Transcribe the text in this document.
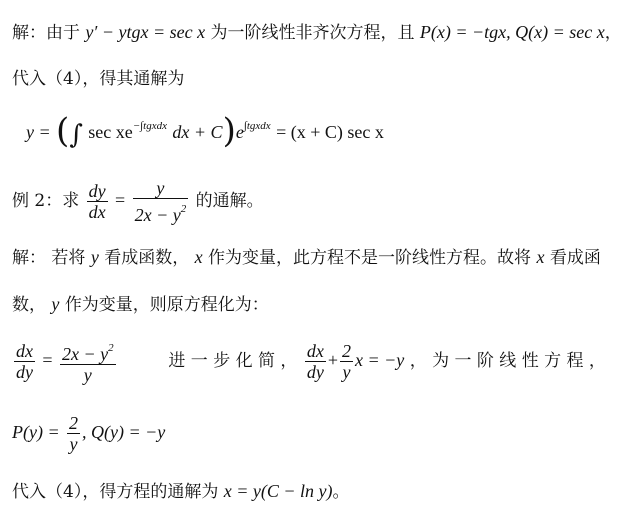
解：由于 y′ − ytgx = sec x 为一阶线性非齐次方程，且 P(x) = −tgx, Q(x) = sec x，
代入（4），得其通解为
y = (∫ $\sec xe^{-\int tgxdx}$ dx + $C)e^{\int tgxdx} = (x + C)$ sec x
例 2：求 $\frac{dy}{dx} = \frac{y}{2x - y^2}$ 的通解。
解： 若将 y 看成函数， x 作为变量，此方程不是一阶线性方程。故将 x 看成函
数， y 作为变量，则原方程化为：
$\frac{dx}{dy} = \frac{2x - y^2}{y}$	进 一 步 化 简 ， $\frac{dx}{dy} + \frac{2}{y}$ x = −y ， 为 一 阶 线 性 方 程 ，
$P(y) = \frac{2}{y}$ , Q(y) = −y
代入（4），得方程的通解为 x = y(C − ln y)。
